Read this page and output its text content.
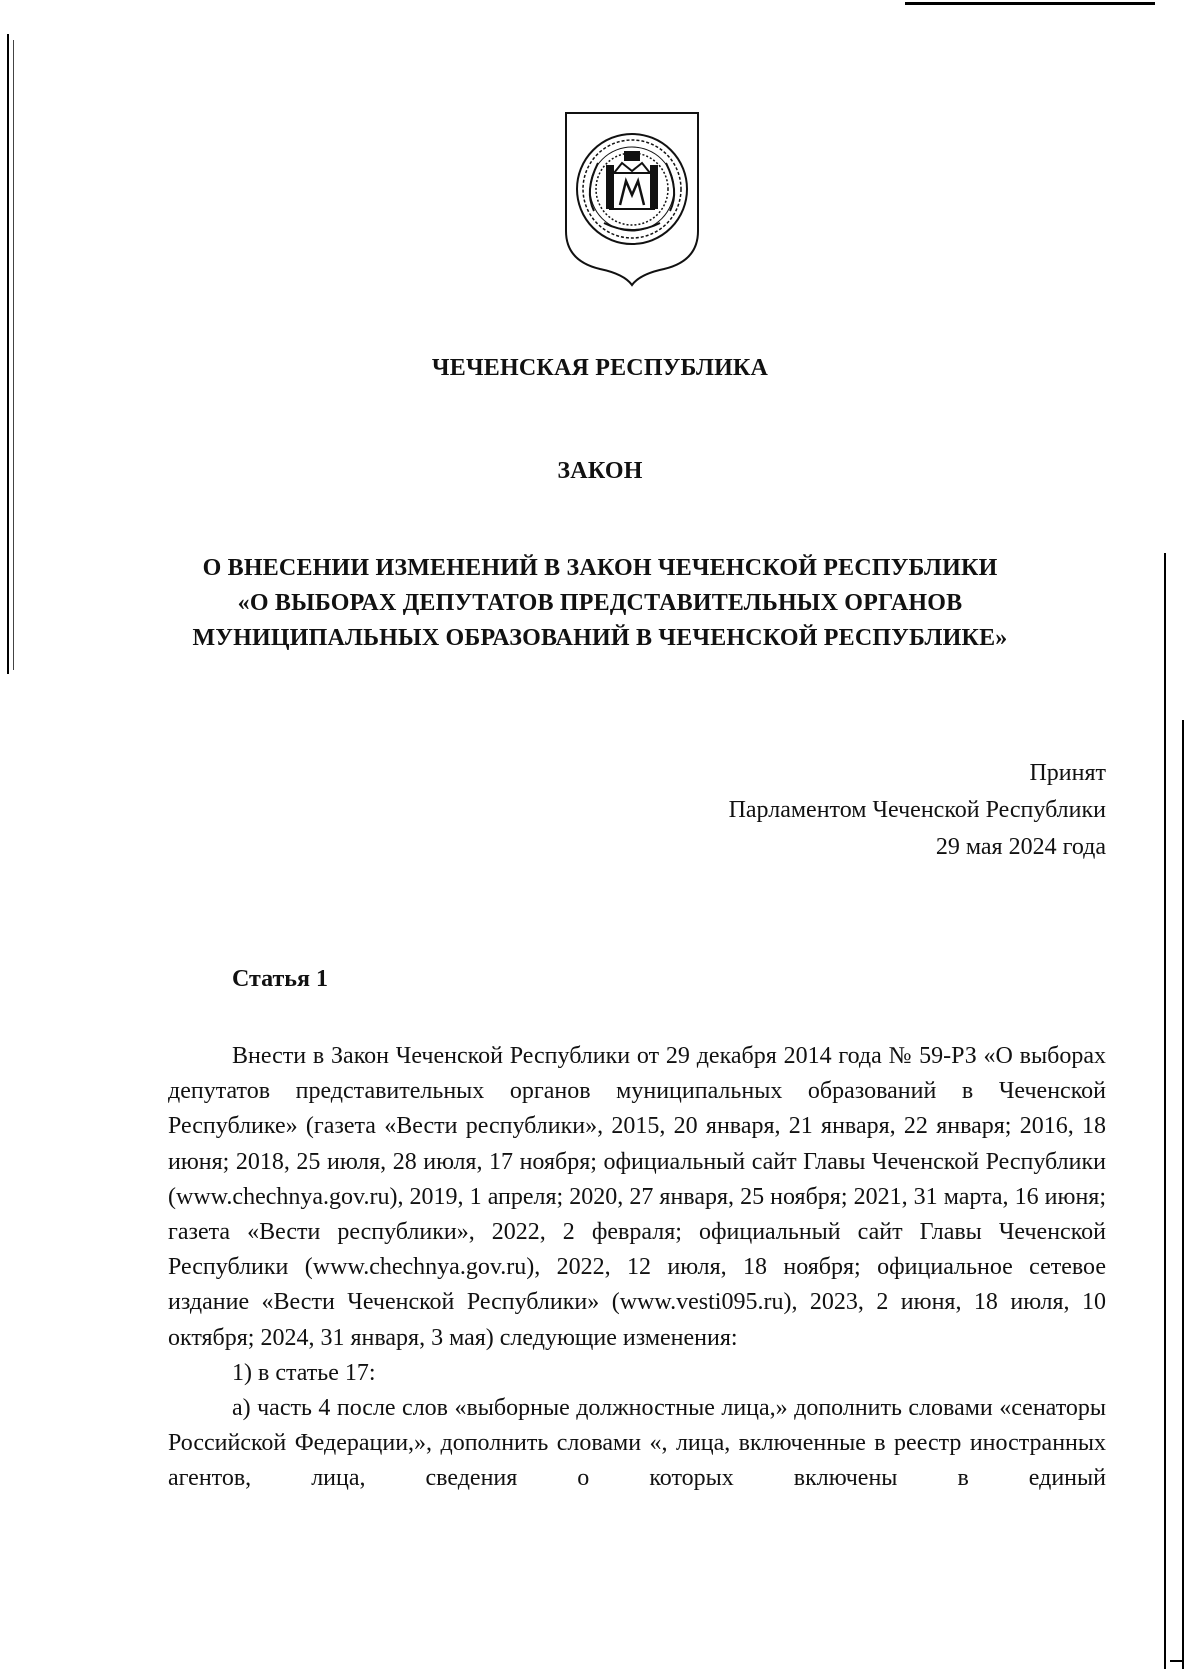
ЧЕЧЕНСКАЯ РЕСПУБЛИКА
ЗАКОН
О ВНЕСЕНИИ ИЗМЕНЕНИЙ В ЗАКОН ЧЕЧЕНСКОЙ РЕСПУБЛИКИ
«О ВЫБОРАХ ДЕПУТАТОВ ПРЕДСТАВИТЕЛЬНЫХ ОРГАНОВ
МУНИЦИПАЛЬНЫХ ОБРАЗОВАНИЙ В ЧЕЧЕНСКОЙ РЕСПУБЛИКЕ»
Принят
Парламентом Чеченской Республики
29 мая 2024 года
Статья 1

Внести в Закон Чеченской Республики от 29 декабря 2014 года № 59-РЗ «О выборах депутатов представительных органов муниципальных образований в Чеченской Республике» (газета «Вести республики», 2015, 20 января, 21 января, 22 января; 2016, 18 июня; 2018, 25 июля, 28 июля, 17 ноября; официальный сайт Главы Чеченской Республики (www.chechnya.gov.ru), 2019, 1 апреля; 2020, 27 января, 25 ноября; 2021, 31 марта, 16 июня; газета «Вести республики», 2022, 2 февраля; официальный сайт Главы Чеченской Республики (www.chechnya.gov.ru), 2022, 12 июля, 18 ноября; официальное сетевое издание «Вести Чеченской Республики» (www.vesti095.ru), 2023, 2 июня, 18 июля, 10 октября; 2024, 31 января, 3 мая) следующие изменения:

1) в статье 17:

а) часть 4 после слов «выборные должностные лица,» дополнить словами «сенаторы Российской Федерации,», дополнить словами «, лица, включенные в реестр иностранных агентов, лица, сведения о которых включены в единый
